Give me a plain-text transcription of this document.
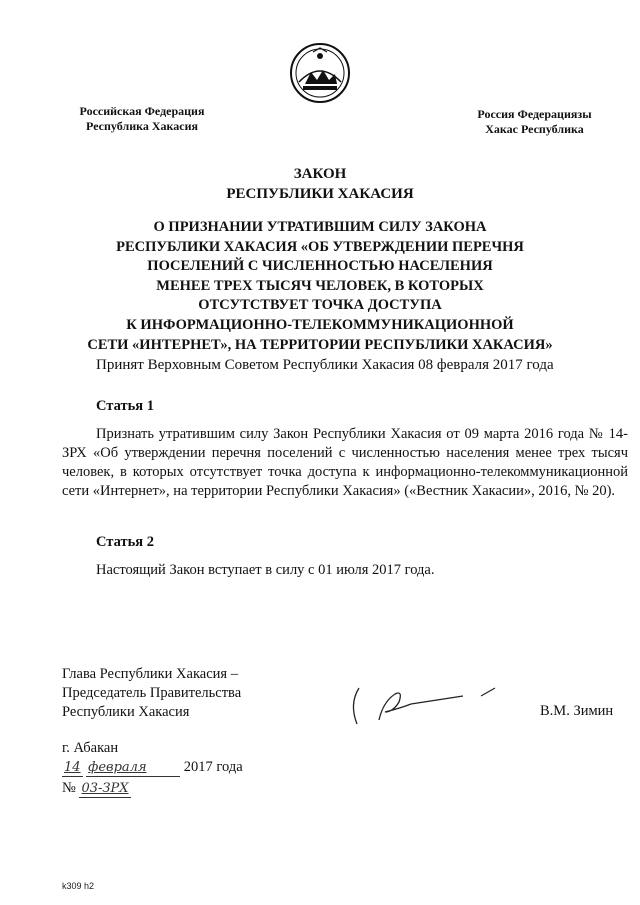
Российская Федерация
Республика Хакасия
Россия Федерациязы
Хакас Республика
ЗАКОН
РЕСПУБЛИКИ ХАКАСИЯ
О ПРИЗНАНИИ УТРАТИВШИМ СИЛУ ЗАКОНА
РЕСПУБЛИКИ ХАКАСИЯ «ОБ УТВЕРЖДЕНИИ ПЕРЕЧНЯ
ПОСЕЛЕНИЙ С ЧИСЛЕННОСТЬЮ НАСЕЛЕНИЯ
МЕНЕЕ ТРЕХ ТЫСЯЧ ЧЕЛОВЕК, В КОТОРЫХ
ОТСУТСТВУЕТ ТОЧКА ДОСТУПА
К ИНФОРМАЦИОННО-ТЕЛЕКОММУНИКАЦИОННОЙ
СЕТИ «ИНТЕРНЕТ», НА ТЕРРИТОРИИ РЕСПУБЛИКИ ХАКАСИЯ»
Принят Верховным Советом Республики Хакасия 08 февраля 2017 года
Статья 1
Признать утратившим силу Закон Республики Хакасия от 09 марта 2016 года № 14-ЗРХ «Об утверждении перечня поселений с численностью населения менее трех тысяч человек, в которых отсутствует точка доступа к информационно-телекоммуникационной сети «Интернет», на территории Республики Хакасия» («Вестник Хакасии», 2016, № 20).
Статья 2
Настоящий Закон вступает в силу с 01 июля 2017 года.
Глава Республики Хакасия –
Председатель Правительства
Республики Хакасия	В.М. Зимин
г. Абакан
14 февраля	2017 года
№ 03-ЗРХ
k309 h2
